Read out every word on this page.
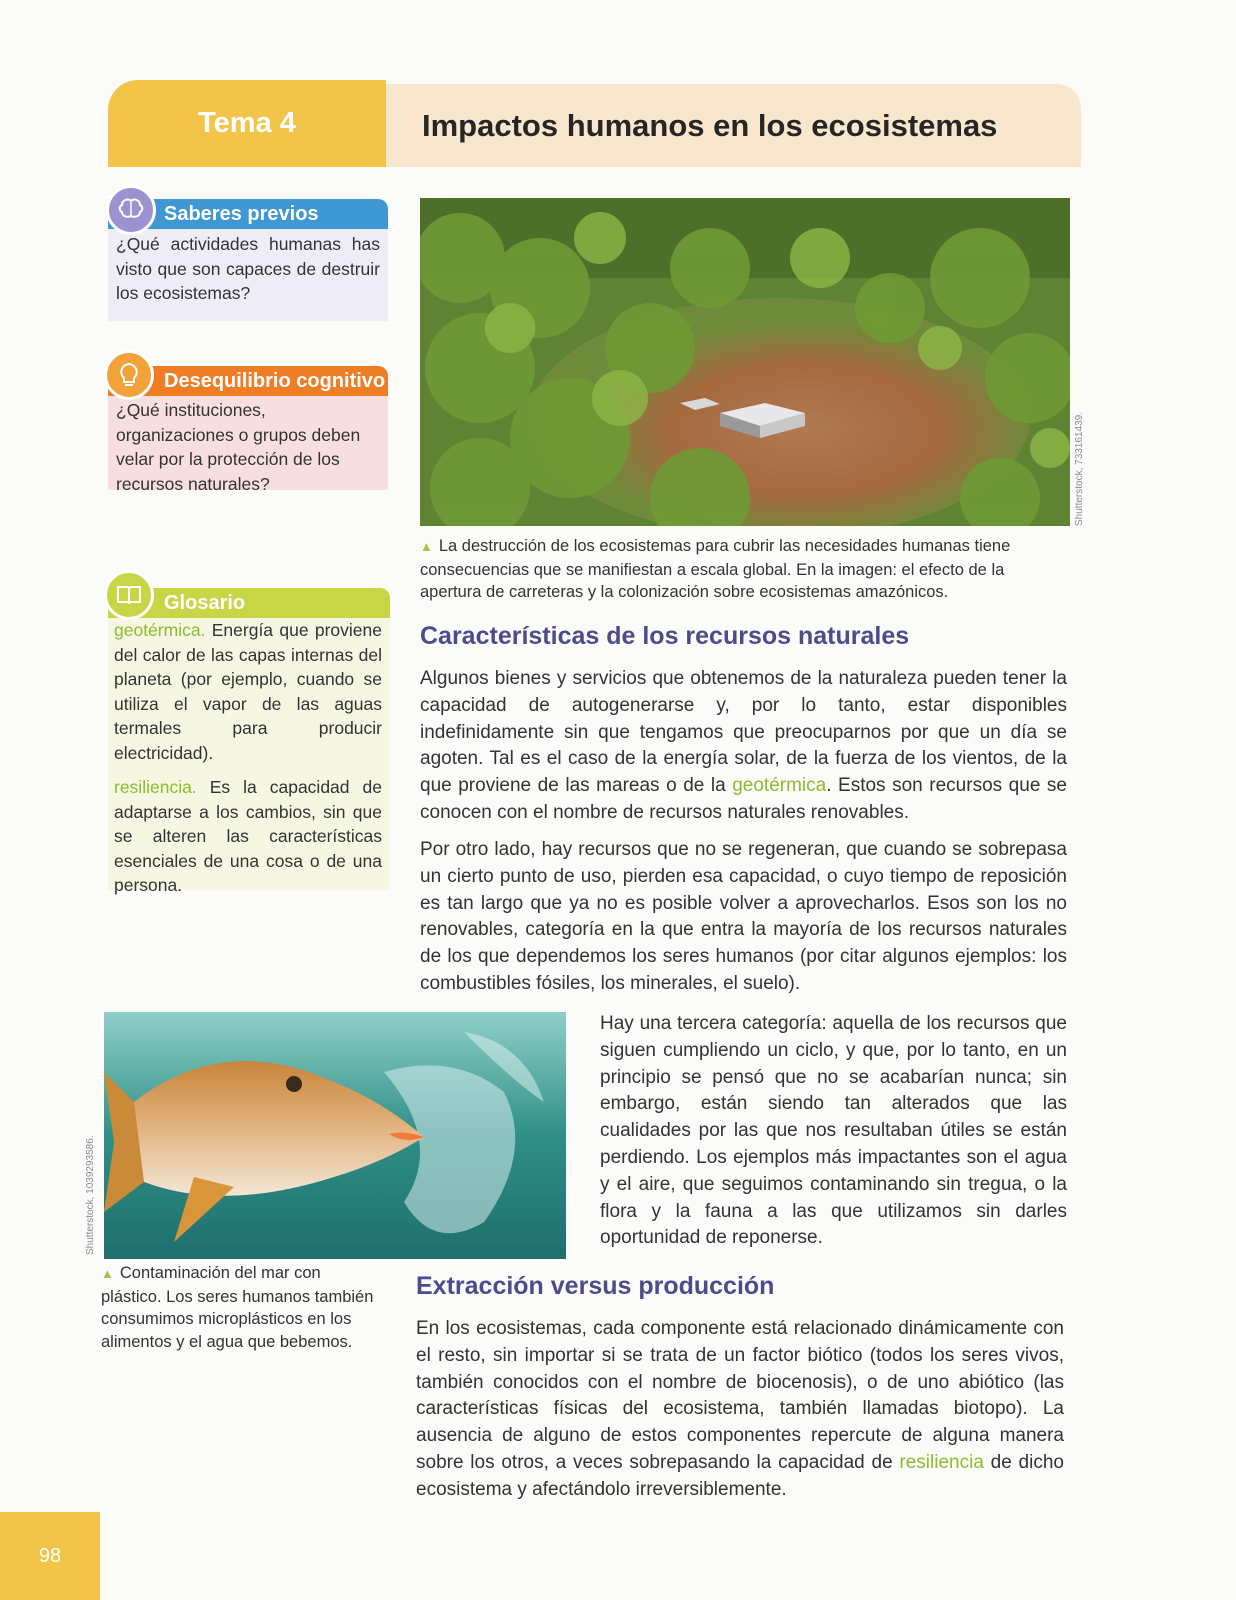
Tema 4	Impactos humanos en los ecosistemas
¿Qué actividades humanas has visto que son capaces de destruir los ecosistemas?
Saberes previos
¿Qué instituciones, organizaciones o grupos deben velar por la protección de los recursos naturales?
Desequilibrio cognitivo

geotérmica. Energía que proviene del calor de las capas internas del planeta (por ejemplo, cuando se utiliza el vapor de las aguas termales para producir electricidad).

resiliencia. Es la capacidad de adaptarse a los cambios, sin que se alteren las características esenciales de una cosa o de una persona.

Glosario
Shutterstock, 733161439.
▲ La destrucción de los ecosistemas para cubrir las necesidades humanas tiene consecuencias que se manifiestan a escala global. En la imagen: el efecto de la apertura de carreteras y la colonización sobre ecosistemas amazónicos.
Características de los recursos naturales
Algunos bienes y servicios que obtenemos de la naturaleza pueden tener la capacidad de autogenerarse y, por lo tanto, estar disponibles indefinidamente sin que tengamos que preocuparnos por que un día se agoten. Tal es el caso de la energía solar, de la fuerza de los vientos, de la que proviene de las mareas o de la geotérmica. Estos son recursos que se conocen con el nombre de recursos naturales renovables.
Por otro lado, hay recursos que no se regeneran, que cuando se sobrepasa un cierto punto de uso, pierden esa capacidad, o cuyo tiempo de reposición es tan largo que ya no es posible volver a aprovecharlos. Esos son los no renovables, categoría en la que entra la mayoría de los recursos naturales de los que dependemos los seres humanos (por citar algunos ejemplos: los combustibles fósiles, los minerales, el suelo).
Shutterstock, 1039293586.
▲ Contaminación del mar con plástico. Los seres humanos también consumimos microplásticos en los alimentos y el agua que bebemos.
Hay una tercera categoría: aquella de los recursos que siguen cumpliendo un ciclo, y que, por lo tanto, en un principio se pensó que no se acabarían nunca; sin embargo, están siendo tan alterados que las cualidades por las que nos resultaban útiles se están perdiendo. Los ejemplos más impactantes son el agua y el aire, que seguimos contaminando sin tregua, o la flora y la fauna a las que utilizamos sin darles oportunidad de reponerse.
Extracción versus producción
En los ecosistemas, cada componente está relacionado dinámicamente con el resto, sin importar si se trata de un factor biótico (todos los seres vivos, también conocidos con el nombre de biocenosis), o de uno abiótico (las características físicas del ecosistema, también llamadas biotopo). La ausencia de alguno de estos componentes repercute de alguna manera sobre los otros, a veces sobrepasando la capacidad de resiliencia de dicho ecosistema y afectándolo irreversiblemente.
98
